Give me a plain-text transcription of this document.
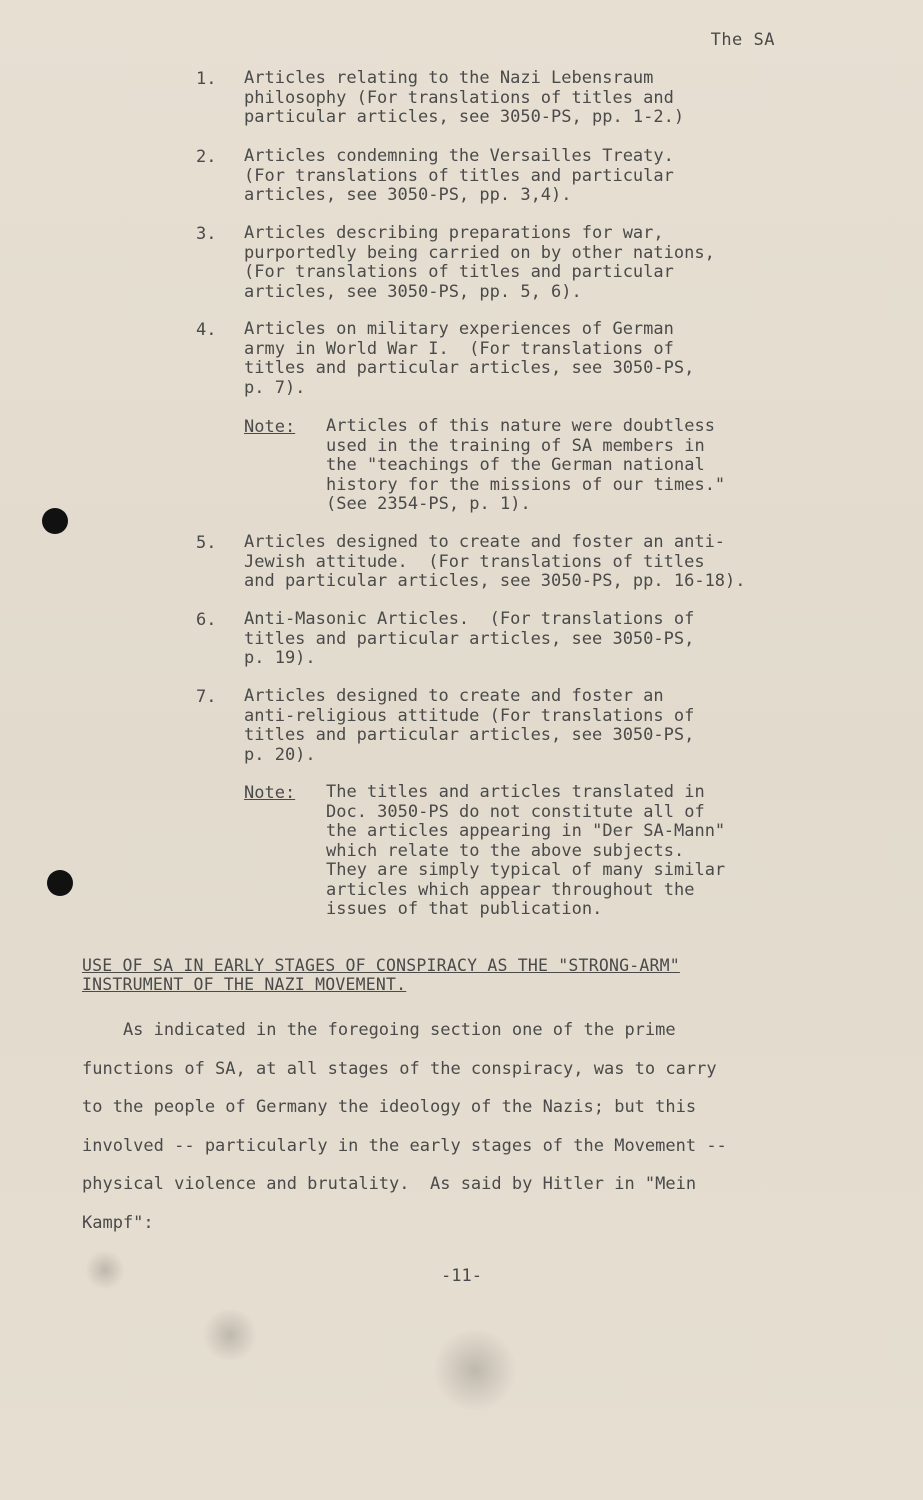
The SA
1. Articles relating to the Nazi Lebensraum
philosophy (For translations of titles and
particular articles, see 3050-PS, pp. 1-2.)
2. Articles condemning the Versailles Treaty.
(For translations of titles and particular
articles, see 3050-PS, pp. 3,4).
3. Articles describing preparations for war,
purportedly being carried on by other nations,
(For translations of titles and particular
articles, see 3050-PS, pp. 5, 6).
4. Articles on military experiences of German
army in World War I.  (For translations of
titles and particular articles, see 3050-PS,
p. 7).
Note: Articles of this nature were doubtless
used in the training of SA members in
the "teachings of the German national
history for the missions of our times."
(See 2354-PS, p. 1).
5. Articles designed to create and foster an anti-
Jewish attitude.  (For translations of titles
and particular articles, see 3050-PS, pp. 16-18).
6. Anti-Masonic Articles.  (For translations of
titles and particular articles, see 3050-PS,
p. 19).
7. Articles designed to create and foster an
anti-religious attitude (For translations of
titles and particular articles, see 3050-PS,
p. 20).
Note: The titles and articles translated in
Doc. 3050-PS do not constitute all of
the articles appearing in "Der SA-Mann"
which relate to the above subjects.
They are simply typical of many similar
articles which appear throughout the
issues of that publication.
USE OF SA IN EARLY STAGES OF CONSPIRACY AS THE "STRONG-ARM"
INSTRUMENT OF THE NAZI MOVEMENT.
As indicated in the foregoing section one of the prime
functions of SA, at all stages of the conspiracy, was to carry
to the people of Germany the ideology of the Nazis; but this
involved -- particularly in the early stages of the Movement --
physical violence and brutality.  As said by Hitler in "Mein
Kampf":
-11-
